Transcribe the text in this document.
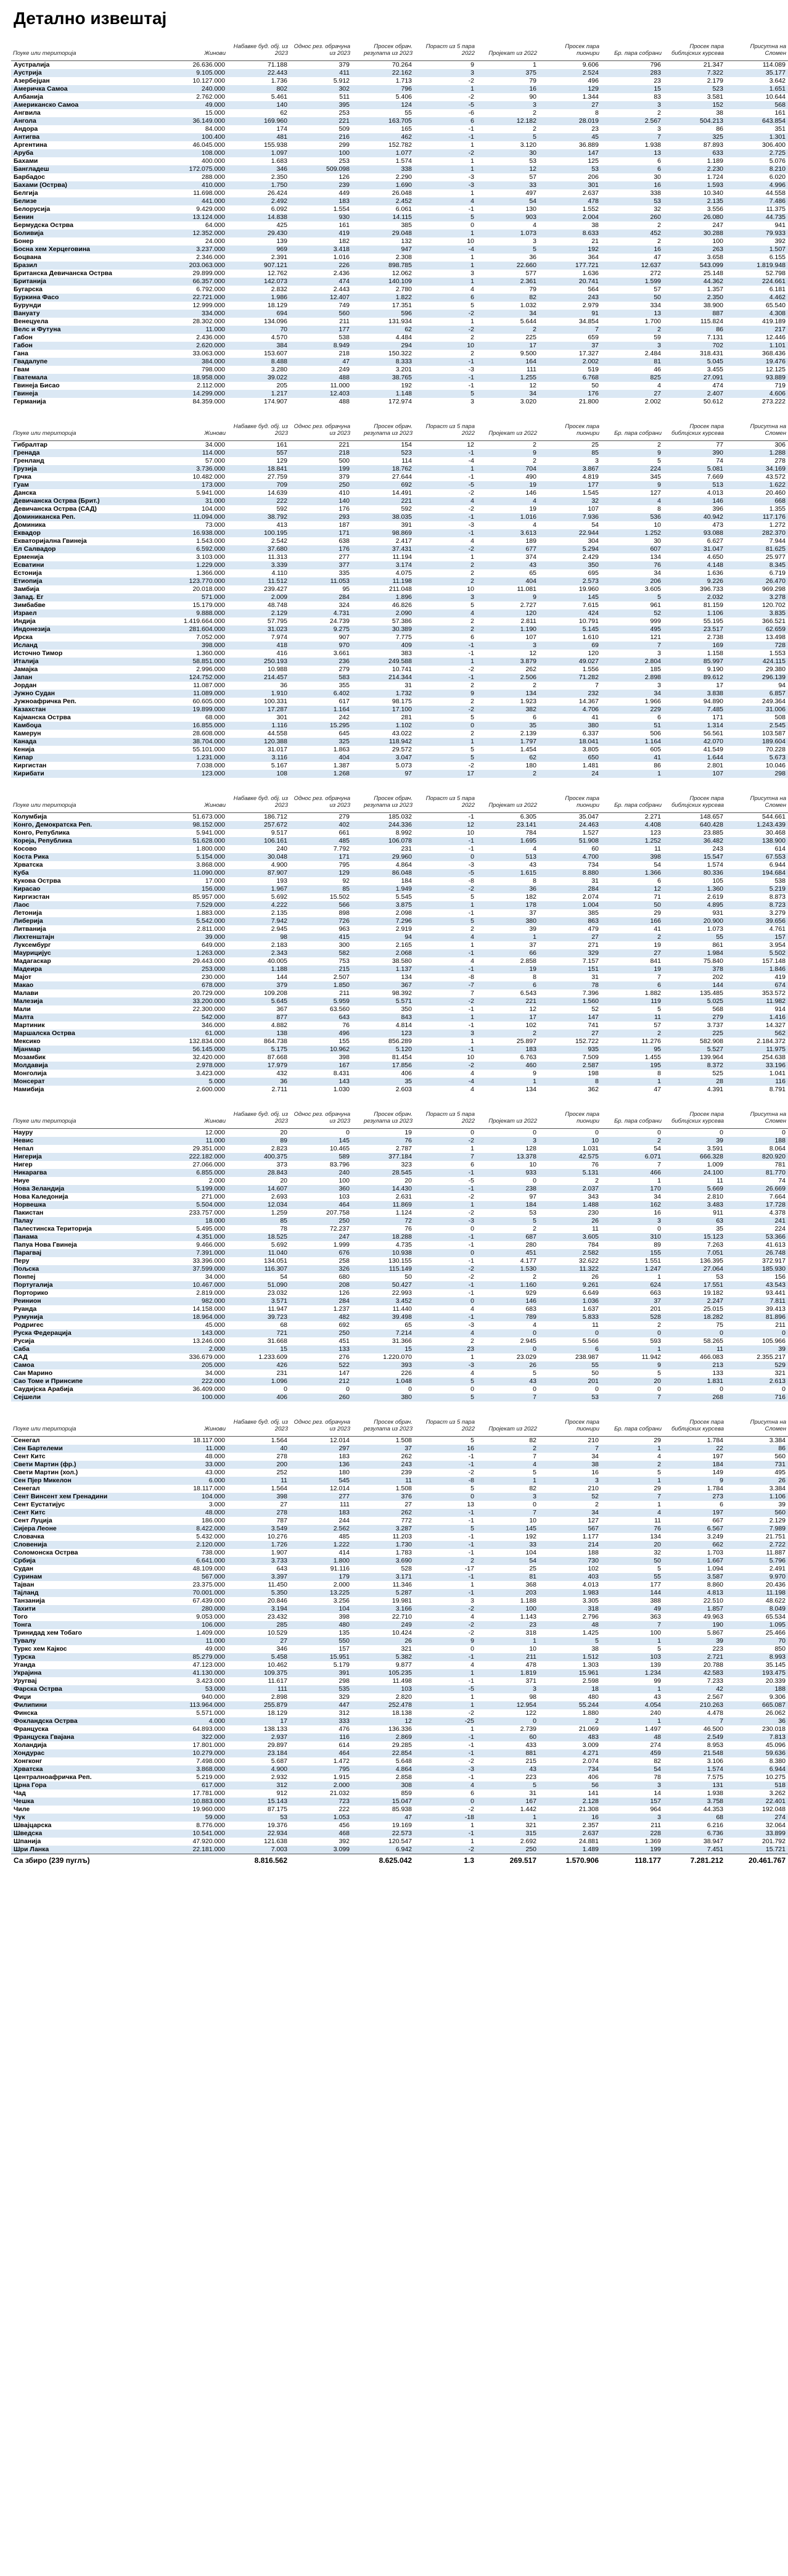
Детално извештај
Поуке или територија	Жинови	Набавке буд. обј. из 2023	Однос рез. обрачуна из 2023	Просек обрач. резулата из 2023	Пораст из 5 пара 2022	Пројекат из 2022	Просек пара пионири	Бр. пара собрани	Просек пара библијских курсева	Присутна на Сломен
Аустралија	26.636.000	71.188	379	70.264	9	1	9.606	796	21.347	114.089
Аустрија	9.105.000	22.443	411	22.162	3	375	2.524	283	7.322	35.177
Азербејџан	10.127.000	1.736	5.912	1.713	-2	79	496	23	2.179	3.642
Америчка Самоа	240.000	802	302	796	1	16	129	15	523	1.651
Албанија	2.762.000	5.461	511	5.406	-2	90	1.344	83	3.581	10.644
Американско Самоа	49.000	140	395	124	-5	3	27	3	152	568
Ангвила	15.000	62	253	55	-6	2	8	2	38	161
Ангола	36.149.000	169.960	221	163.705	6	12.182	28.019	2.567	504.213	643.854
Андора	84.000	174	509	165	-1	2	23	3	86	351
Антигва	100.400	481	216	462	-1	5	45	7	325	1.301
Аргентина	46.045.000	155.938	299	152.782	1	3.120	36.889	1.938	87.893	306.400
Аруба	108.000	1.097	100	1.077	-2	30	147	13	633	2.725
Бахами	400.000	1.683	253	1.574	1	53	125	6	1.189	5.076
Бангладеш	172.075.000	346	509.098	338	1	12	53	6	2.230	8.210
Барбадос	288.000	2.350	126	2.290	-3	57	206	30	1.724	6.020
Бахами (Острва)	410.000	1.750	239	1.690	-3	33	301	16	1.593	4.996
Белгија	11.698.000	26.424	449	26.048	1	497	2.637	338	10.340	44.558
Белизе	441.000	2.492	183	2.452	4	54	478	53	2.135	7.486
Белорусија	9.429.000	6.092	1.554	6.061	-1	130	1.552	32	3.556	11.375
Бенин	13.124.000	14.838	930	14.115	5	903	2.004	260	26.080	44.735
Бермудска Острва	64.000	425	161	385	0	4	38	2	247	941
Боливија	12.352.000	29.430	419	29.048	1	1.073	8.633	452	30.288	79.933
Бонер	24.000	139	182	132	10	3	21	2	100	392
Босна хем Херцеговина	3.237.000	969	3.418	947	-4	5	192	16	263	1.507
Боцвана	2.346.000	2.391	1.016	2.308	1	36	364	47	3.658	6.155
Бразил	203.063.000	907.121	226	898.785	1	22.660	177.721	12.637	543.099	1.819.948
Британска Девичанска Острва	29.899.000	12.762	2.436	12.062	3	577	1.636	272	25.148	52.798
Британија	66.357.000	142.073	474	140.109	1	2.361	20.741	1.599	44.362	224.661
Бугарска	6.792.000	2.832	2.443	2.780	4	79	564	57	1.357	6.181
Буркина Фасо	22.721.000	1.986	12.407	1.822	6	82	243	50	2.350	4.462
Бурунди	12.999.000	18.129	749	17.351	5	1.032	2.979	334	38.900	65.540
Вануату	334.000	694	560	596	-2	34	91	13	887	4.308
Венецуела	28.302.000	134.096	211	131.934	1	5.644	34.854	1.700	115.824	419.189
Велс и Футуна	11.000	70	177	62	-2	2	7	2	86	217
Габон	2.436.000	4.570	538	4.484	2	225	659	59	7.131	12.446
Габон	2.620.000	384	8.949	294	10	17	37	3	702	1.101
Гана	33.063.000	153.607	218	150.322	2	9.500	17.327	2.484	318.431	368.436
Гвадалупе	384.000	8.488	47	8.333	-1	164	2.002	81	5.045	19.476
Гвам	798.000	3.280	249	3.201	-3	111	519	46	3.455	12.125
Гватемала	18.958.000	39.022	488	38.765	-1	1.255	6.768	825	27.091	93.889
Гвинеја Бисао	2.112.000	205	11.000	192	-1	12	50	4	474	719
Гвинеја	14.299.000	1.217	12.403	1.148	5	34	176	27	2.407	4.606
Германија	84.359.000	174.907	488	172.974	3	3.020	21.800	2.002	50.612	273.222

Поуке или територија	Жинови	Набавке буд. обј. из 2023	Однос рез. обрачуна из 2023	Просек обрач. резулата из 2023	Пораст из 5 пара 2022	Пројекат из 2022	Просек пара пионири	Бр. пара собрани	Просек пара библијских курсева	Присутна на Сломен
Гибралтар	34.000	161	221	154	12	2	25	2	77	306
Гренада	114.000	557	218	523	-1	9	85	9	390	1.288
Гренланд	57.000	129	500	114	-4	2	3	5	74	278
Грузија	3.736.000	18.841	199	18.762	1	704	3.867	224	5.081	34.169
Грчка	10.482.000	27.759	379	27.644	-1	490	4.819	345	7.669	43.572
Гуам	173.000	709	250	692	-5	19	177	9	513	1.622
Данска	5.941.000	14.639	410	14.491	-2	146	1.545	127	4.013	20.460
Девичанска Острва (Брит.)	31.000	222	140	221	4	4	32	4	146	668
Девичанска Острва (САД)	104.000	592	176	592	-2	19	107	8	396	1.355
Доминиканска Реп.	11.094.000	38.792	293	38.035	-1	1.016	7.936	536	40.942	117.176
Доминика	73.000	413	187	391	-3	4	54	10	473	1.272
Еквадор	16.938.000	100.195	171	98.869	-1	3.613	22.944	1.252	93.088	282.370
Екваторијална Гвинеја	1.543.000	2.542	638	2.417	4	189	304	30	6.627	7.944
Ел Салвадор	6.592.000	37.680	176	37.431	-2	677	5.294	607	31.047	81.625
Ерменија	3.103.000	11.313	277	11.194	1	374	2.429	134	4.650	25.977
Есватини	1.229.000	3.339	377	3.174	2	43	350	76	4.148	8.345
Естонија	1.366.000	4.110	335	4.075	2	65	695	34	1.636	6.719
Етиопија	123.770.000	11.512	11.053	11.198	2	404	2.573	206	9.226	26.470
Замбија	20.018.000	239.427	95	211.048	10	11.081	19.960	3.605	396.733	969.298
Запад. Ег	571.000	2.009	284	1.896	3	9	145	5	2.032	3.278
Зимбабве	15.179.000	48.748	324	46.826	5	2.727	7.615	961	81.159	120.702
Израел	9.888.000	2.129	4.731	2.090	4	120	424	52	1.106	3.835
Индија	1.419.664.000	57.795	24.739	57.386	2	2.811	10.791	999	55.195	366.521
Индонезија	281.604.000	31.023	9.275	30.389	2	1.190	5.145	495	23.517	62.659
Ирска	7.052.000	7.974	907	7.775	6	107	1.610	121	2.738	13.498
Исланд	398.000	418	970	409	-1	3	69	7	169	728
Источно Тимор	1.360.000	416	3.661	383	-1	12	120	3	1.158	1.553
Италија	58.851.000	250.193	236	249.588	1	3.879	49.027	2.804	85.997	424.115
Јамајка	2.996.000	10.988	279	10.741	-2	262	1.556	185	9.190	29.380
Јапан	124.752.000	214.457	583	214.344	-1	2.506	71.282	2.898	89.612	296.139
Јордан	11.087.000	36	355	31	2	2	7	3	17	94
Јужно Судан	11.089.000	1.910	6.402	1.732	9	134	232	34	3.838	6.857
Јужноафричка Реп.	60.605.000	100.331	617	98.175	2	1.923	14.367	1.966	94.890	249.364
Казахстан	19.899.000	17.287	1.164	17.100	-2	382	4.706	229	7.485	31.006
Кајманска Острва	68.000	301	242	281	5	6	41	6	171	508
Камбоџа	16.855.000	1.116	15.295	1.102	0	35	380	51	1.314	2.545
Камерун	28.608.000	44.558	645	43.022	2	2.139	6.337	506	56.561	103.587
Канада	38.704.000	120.388	325	118.942	1	1.797	18.041	1.164	42.070	189.604
Кенија	55.101.000	31.017	1.863	29.572	5	1.454	3.805	605	41.549	70.228
Кипар	1.231.000	3.116	404	3.047	5	62	650	41	1.644	5.673
Киргистан	7.038.000	5.167	1.387	5.073	-2	180	1.481	86	2.801	10.046
Кирибати	123.000	108	1.268	97	17	2	24	1	107	298

Поуке или територија	Жинови	Набавке буд. обј. из 2023	Однос рез. обрачуна из 2023	Просек обрач. резулата из 2023	Пораст из 5 пара 2022	Пројекат из 2022	Просек пара пионири	Бр. пара собрани	Просек пара библијских курсева	Присутна на Сломен
Колумбија	51.673.000	186.712	279	185.032	-1	6.305	35.047	2.271	148.657	544.661
Конго, Демократска Реп.	98.152.000	257.672	402	244.336	12	23.141	24.463	4.408	640.428	1.243.439
Конго, Република	5.941.000	9.517	661	8.992	10	784	1.527	123	23.885	30.468
Кореја, Република	51.628.000	106.161	485	106.078	-1	1.695	51.908	1.252	36.482	138.900
Косово	1.800.000	240	7.792	231	-1	4	60	11	243	614
Коста Рика	5.154.000	30.048	171	29.960	0	513	4.700	398	15.547	67.553
Хрватска	3.868.000	4.900	795	4.864	-3	43	734	54	1.574	6.944
Куба	11.090.000	87.907	129	86.048	-5	1.615	8.880	1.366	80.336	194.684
Кукова Острва	17.000	193	92	184	-8	8	31	6	105	538
Кирасао	156.000	1.967	85	1.949	-2	36	284	12	1.360	5.219
Киргизстан	85.957.000	5.692	15.502	5.545	5	182	2.074	71	2.619	8.873
Лаос	7.529.000	4.222	566	3.875	1	178	1.004	50	4.895	8.723
Летонија	1.883.000	2.135	898	2.098	-1	37	385	29	931	3.279
Либерија	5.542.000	7.942	726	7.296	5	380	863	166	20.900	39.656
Литванија	2.811.000	2.945	963	2.919	2	39	479	41	1.073	4.761
Лихтенштајн	39.000	98	415	94	4	1	27	2	55	157
Луксембург	649.000	2.183	300	2.165	1	37	271	19	861	3.954
Маурицијус	1.263.000	2.343	582	2.068	-1	66	329	27	1.984	5.502
Мадагаскар	29.443.000	40.005	753	38.580	4	2.858	7.157	841	75.840	157.148
Мадеира	253.000	1.188	215	1.137	-1	19	151	19	378	1.846
Мајот	230.000	144	2.507	134	-8	8	31	7	202	419
Макао	678.000	379	1.850	367	-7	6	78	6	144	674
Малави	20.729.000	109.208	211	98.392	7	6.543	7.396	1.882	135.485	353.572
Малезија	33.200.000	5.645	5.959	5.571	-2	221	1.560	119	5.025	11.982
Мали	22.300.000	367	63.560	350	-1	12	52	5	568	914
Малта	542.000	877	643	843	1	17	147	11	279	1.416
Мартиник	346.000	4.882	76	4.814	-1	102	741	57	3.737	14.327
Маршалска Острва	61.000	138	496	123	3	2	27	2	225	562
Мексико	132.834.000	864.738	155	856.289	1	25.897	152.722	11.276	582.908	2.184.372
Мјанмар	56.145.000	5.175	10.962	5.120	-1	183	935	95	5.527	11.975
Мозамбик	32.420.000	87.668	398	81.454	10	6.763	7.509	1.455	139.964	254.638
Молдавија	2.978.000	17.979	167	17.856	-2	460	2.587	195	8.372	33.196
Монголија	3.423.000	432	8.431	406	4	9	198	8	525	1.041
Монсерат	5.000	36	143	35	-4	1	8	1	28	116
Намибија	2.600.000	2.711	1.030	2.603	4	134	362	47	4.391	8.791

Поуке или територија	Жинови	Набавке буд. обј. из 2023	Однос рез. обрачуна из 2023	Просек обрач. резулата из 2023	Пораст из 5 пара 2022	Пројекат из 2022	Просек пара пионири	Бр. пара собрани	Просек пара библијских курсева	Присутна на Сломен
Науру	12.000	20	0	19	0	0	0	0	0	0
Невис	11.000	89	145	76	-2	3	10	2	39	188
Непал	29.351.000	2.823	10.465	2.787	1	128	1.031	54	3.591	8.064
Нигерија	222.182.000	400.375	589	377.184	7	13.378	42.575	6.071	666.328	820.920
Нигер	27.066.000	373	83.796	323	6	10	76	7	1.009	781
Никарагва	6.855.000	28.843	240	28.545	-1	933	5.131	466	24.100	81.770
Ниуе	2.000	20	100	20	-5	0	2	1	11	74
Нова Зеландија	5.199.000	14.607	360	14.430	-1	238	2.037	170	5.669	26.669
Нова Каледонија	271.000	2.693	103	2.631	-2	97	343	34	2.810	7.664
Норвешка	5.504.000	12.034	464	11.869	1	184	1.488	162	3.483	17.728
Пакистан	233.757.000	1.259	207.758	1.124	-2	53	230	16	911	4.378
Палау	18.000	85	250	72	-3	5	26	3	63	241
Палестинска Територија	5.495.000	78	72.237	76	0	2	11	0	35	224
Панама	4.351.000	18.525	247	18.288	-1	687	3.605	310	15.123	53.366
Папуа Нова Гвинеја	9.466.000	5.692	1.999	4.735	-1	280	784	89	7.263	41.613
Парагвај	7.391.000	11.040	676	10.938	0	451	2.582	155	7.051	26.748
Перу	33.396.000	134.051	258	130.155	-1	4.177	32.622	1.551	136.395	372.917
Пољска	37.599.000	116.307	326	115.149	-2	1.530	11.322	1.247	27.064	185.930
Понпеј	34.000	54	680	50	-2	2	26	1	53	156
Португалија	10.467.000	51.090	208	50.427	-1	1.160	9.261	624	17.551	43.543
Порторико	2.819.000	23.032	126	22.993	-1	929	6.649	663	19.182	93.441
Реинион	982.000	3.571	284	3.452	0	146	1.036	37	2.247	7.811
Руанда	14.158.000	11.947	1.237	11.440	4	683	1.637	201	25.015	39.413
Румунија	18.964.000	39.723	482	39.498	-1	789	5.833	528	18.282	81.896
Родригес	45.000	68	692	65	-3	4	11	2	75	211
Руска Федерација	143.000	721	250	7.214	4	0	0	0	0	0
Русија	13.246.000	31.668	451	31.366	2	2.945	5.566	593	58.265	105.966
Саба	2.000	15	133	15	23	0	6	1	11	39
САД	336.679.000	1.233.609	276	1.220.070	1	23.029	238.987	11.942	466.083	2.355.217
Самоа	205.000	426	522	393	-3	26	55	9	213	529
Сан Марино	34.000	231	147	226	4	5	50	5	133	321
Сао Томе и Принсипе	222.000	1.096	212	1.048	5	43	201	20	1.831	2.613
Саудијска Арабија	36.409.000	0	0	0	0	0	0	0	0	0
Сејшели	100.000	406	260	380	5	7	53	7	268	716

Поуке или територија	Жинови	Набавке буд. обј. из 2023	Однос рез. обрачуна из 2023	Просек обрач. резулата из 2023	Пораст из 5 пара 2022	Пројекат из 2022	Просек пара пионири	Бр. пара собрани	Просек пара библијских курсева	Присутна на Сломен
Сенегал	18.117.000	1.564	12.014	1.508	5	82	210	29	1.784	3.384
Сен Бартелеми	11.000	40	297	37	16	2	7	1	22	86
Сент Китс	48.000	278	183	262	-1	7	34	4	197	560
Свети Мартин (фр.)	33.000	200	136	243	-1	4	38	2	184	731
Свети Мартин (хол.)	43.000	252	180	239	-2	5	16	5	149	495
Сен Пјер Микелон	6.000	11	545	11	-8	1	3	1	9	26
Сенегал	18.117.000	1.564	12.014	1.508	5	82	210	29	1.784	3.384
Сент Винсент хем Гренадини	104.000	398	277	376	0	3	52	7	273	1.106
Сент Еустатијус	3.000	27	111	27	13	0	2	1	6	39
Сент Китс	48.000	278	183	262	-1	7	34	4	197	560
Сент Луција	186.000	787	244	772	-1	10	127	11	667	2.129
Сијера Леоне	8.422.000	3.549	2.562	3.287	5	145	567	76	6.567	7.989
Словачка	5.432.000	10.276	485	11.203	-1	192	1.177	134	3.249	21.751
Словенија	2.120.000	1.726	1.222	1.730	-1	33	214	20	662	2.722
Соломонска Острва	738.000	1.907	414	1.783	-1	104	188	32	1.703	11.887
Србија	6.641.000	3.733	1.800	3.690	2	54	730	50	1.667	5.796
Судан	48.109.000	643	91.116	528	-17	25	102	5	1.094	2.491
Суринам	567.000	3.397	179	3.171	-1	81	403	55	3.587	9.970
Тајван	23.375.000	11.450	2.000	11.346	1	368	4.013	177	8.860	20.436
Тајланд	70.001.000	5.350	13.225	5.287	-1	203	1.983	144	4.813	11.198
Танзанија	67.439.000	20.846	3.256	19.981	3	1.188	3.305	388	22.510	48.622
Тахити	280.000	3.194	104	3.166	-2	100	318	49	1.857	8.049
Того	9.053.000	23.432	398	22.710	4	1.143	2.796	363	49.963	65.534
Тонга	106.000	285	480	249	-2	23	48	7	190	1.095
Тринидад хем Тобаго	1.409.000	10.529	135	10.424	-2	318	1.425	100	5.867	25.466
Тувалу	11.000	27	550	26	9	1	5	1	39	70
Туркс хем Кајкос	49.000	346	157	321	0	10	38	5	223	850
Турска	85.279.000	5.458	15.951	5.382	-1	211	1.512	103	2.721	8.993
Уганда	47.123.000	10.462	5.179	9.877	4	478	1.303	139	20.788	35.145
Украјина	41.130.000	109.375	391	105.235	1	1.819	15.961	1.234	42.583	193.475
Уругвај	3.423.000	11.617	298	11.498	-1	371	2.598	99	7.233	20.339
Фарска Острва	53.000	111	535	103	-5	3	18	1	42	188
Фиџи	940.000	2.898	329	2.820	1	98	480	43	2.567	9.306
Филипини	113.964.000	255.879	447	252.478	1	12.954	55.244	4.054	210.263	665.087
Финска	5.571.000	18.129	312	18.138	-2	122	1.880	240	4.478	26.062
Фокландска Острва	4.000	17	333	12	-25	0	2	1	7	36
Француска	64.893.000	138.133	476	136.336	1	2.739	21.069	1.497	46.500	230.018
Француска Гвајана	322.000	2.937	116	2.869	-1	60	483	48	2.549	7.813
Холандија	17.801.000	29.897	614	29.285	-1	433	3.009	274	8.953	45.096
Хондурас	10.279.000	23.184	464	22.854	-1	881	4.271	459	21.548	59.636
Хонгконг	7.498.000	5.687	1.472	5.648	-2	215	2.074	82	3.106	8.380
Хрватска	3.868.000	4.900	795	4.864	-3	43	734	54	1.574	6.944
Централноафричка Реп.	5.219.000	2.932	1.915	2.858	-1	223	406	78	7.575	10.275
Црна Гора	617.000	312	2.000	308	4	5	56	3	131	518
Чад	17.781.000	912	21.032	859	6	31	141	14	1.938	3.262
Чешка	10.883.000	15.143	723	15.047	0	167	2.128	157	3.758	22.401
Чиле	19.960.000	87.175	222	85.938	-2	1.442	21.308	964	44.353	192.048
Чук	59.000	53	1.053	47	-18	1	16	3	68	274
Швајцарска	8.776.000	19.376	456	19.169	1	321	2.357	211	6.216	32.064
Шведска	10.541.000	22.934	468	22.573	-1	315	2.637	228	6.736	33.899
Шпанија	47.920.000	121.638	392	120.547	1	2.692	24.881	1.369	38.947	201.792
Шри Ланка	22.181.000	7.003	3.099	6.942	-2	250	1.489	199	7.451	15.721
Са збиро (239 пуглъ)		8.816.562		8.625.042	1.3	269.517	1.570.906	118.177	7.281.212	20.461.767
